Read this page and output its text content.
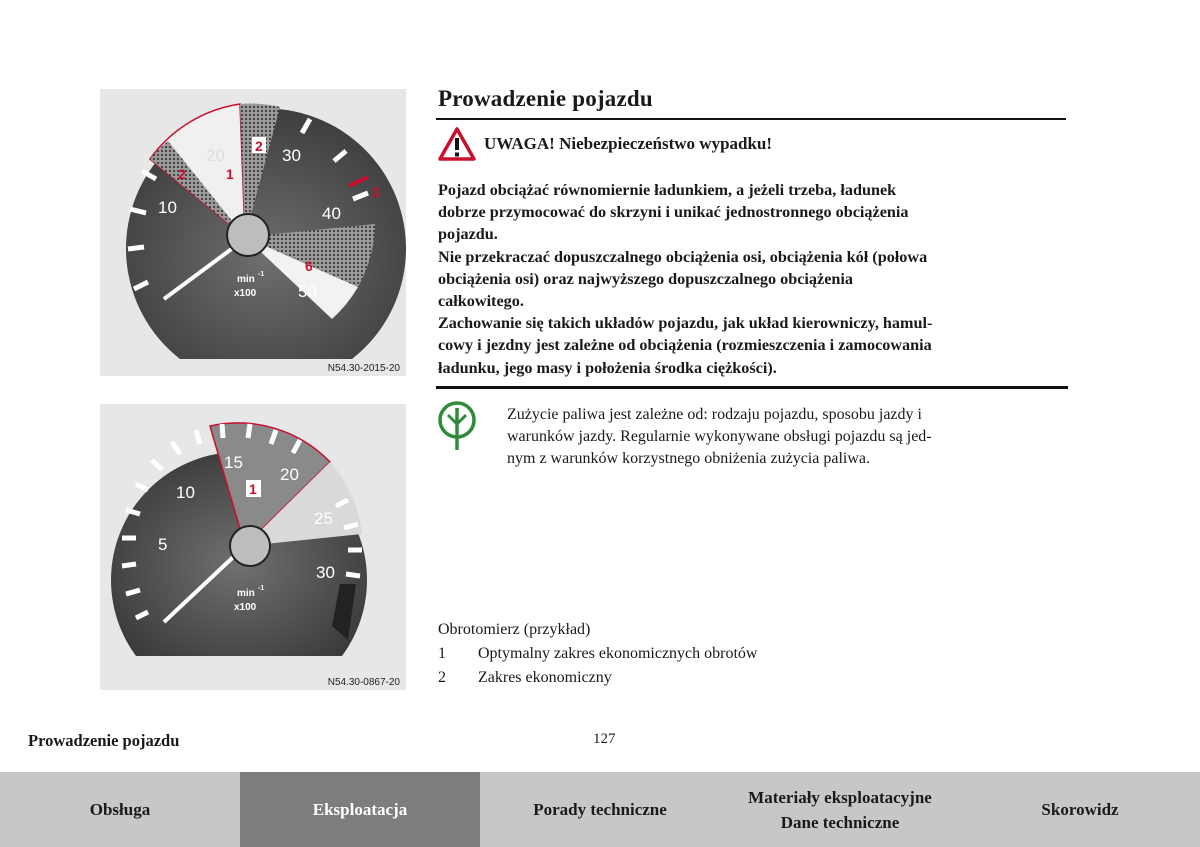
10
20	30
40
50
1
2
2
3
6
min -1
x100
N54.30-2015-20
5
10
15
20
25
30
1
min -1
x100
N54.30-0867-20
Prowadzenie pojazdu
UWAGA! Niebezpieczeństwo wypadku!

Pojazd obciążać równomiernie ładunkiem, a jeżeli trzeba, ładunek

dobrze przymocować do skrzyni i unikać jednostronnego obciążenia

pojazdu.

Nie przekraczać dopuszczalnego obciążenia osi, obciążenia kół (połowa

obciążenia osi) oraz najwyższego dopuszczalnego obciążenia

całkowitego.

Zachowanie się takich układów pojazdu, jak układ kierowniczy, hamul-

cowy i jezdny jest zależne od obciążenia (rozmieszczenia i zamocowania

ładunku, jego masy i położenia środka ciężkości).

Zużycie paliwa jest zależne od: rodzaju pojazdu, sposobu jazdy i
warunków jazdy. Regularnie wykonywane obsługi pojazdu są jed-
nym z warunków korzystnego obniżenia zużycia paliwa.
Obrotomierz (przykład)
1	Optymalny zakres ekonomicznych obrotów
2	Zakres ekonomiczny
Prowadzenie pojazdu	127
Obsługa	Eksploatacja	Porady techniczne
Materiały eksploatacyjne
Dane techniczne
Skorowidz
